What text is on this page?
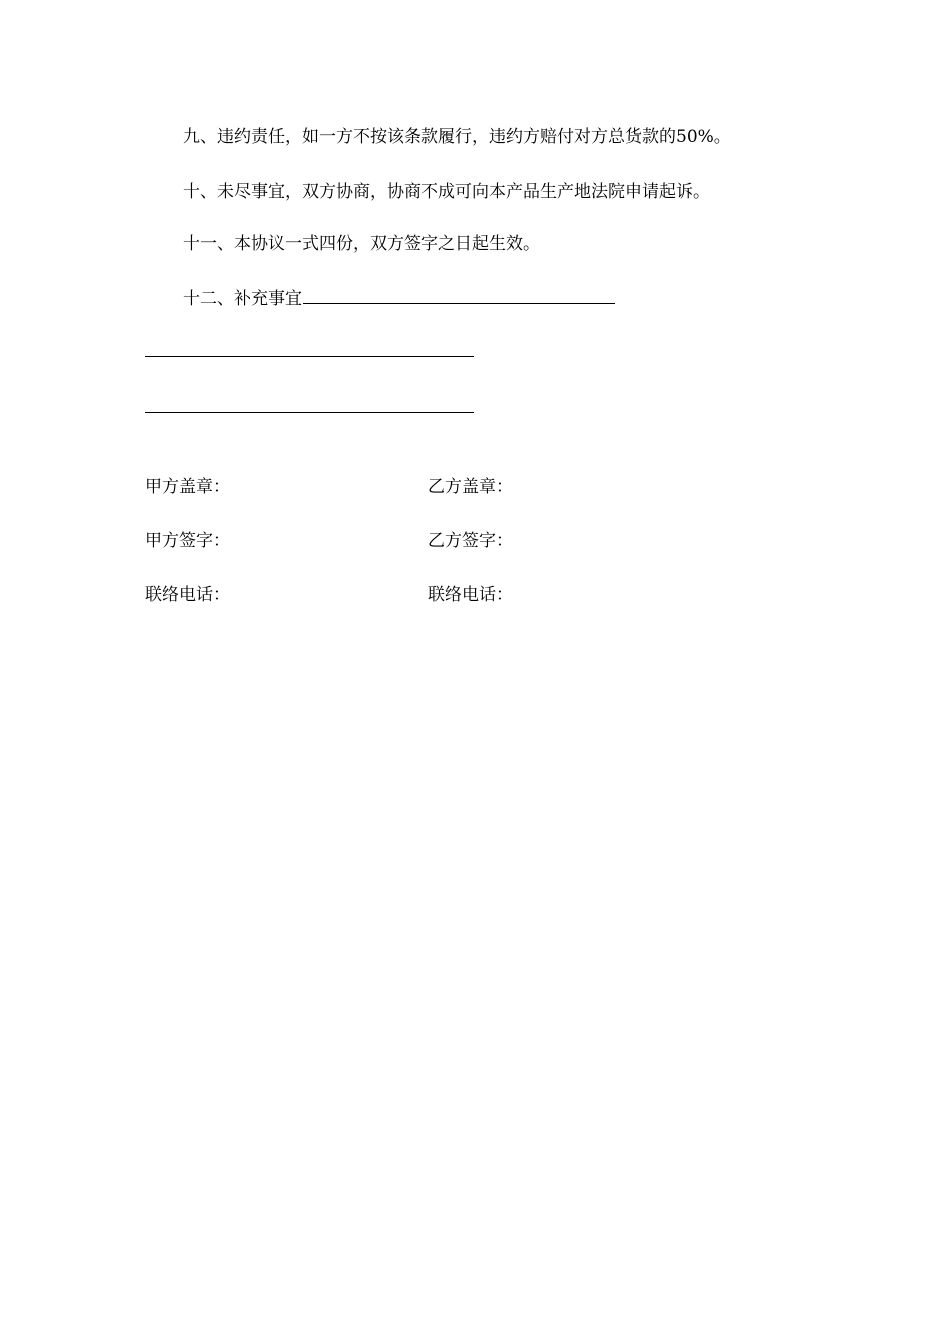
九、违约责任，如一方不按该条款履行，违约方赔付对方总货款的50%。
十、未尽事宜，双方协商，协商不成可向本产品生产地法院申请起诉。
十一、本协议一式四份，双方签字之日起生效。
十二、补充事宜
甲方盖章：	乙方盖章：
甲方签字：	乙方签字：
联络电话：	联络电话：
